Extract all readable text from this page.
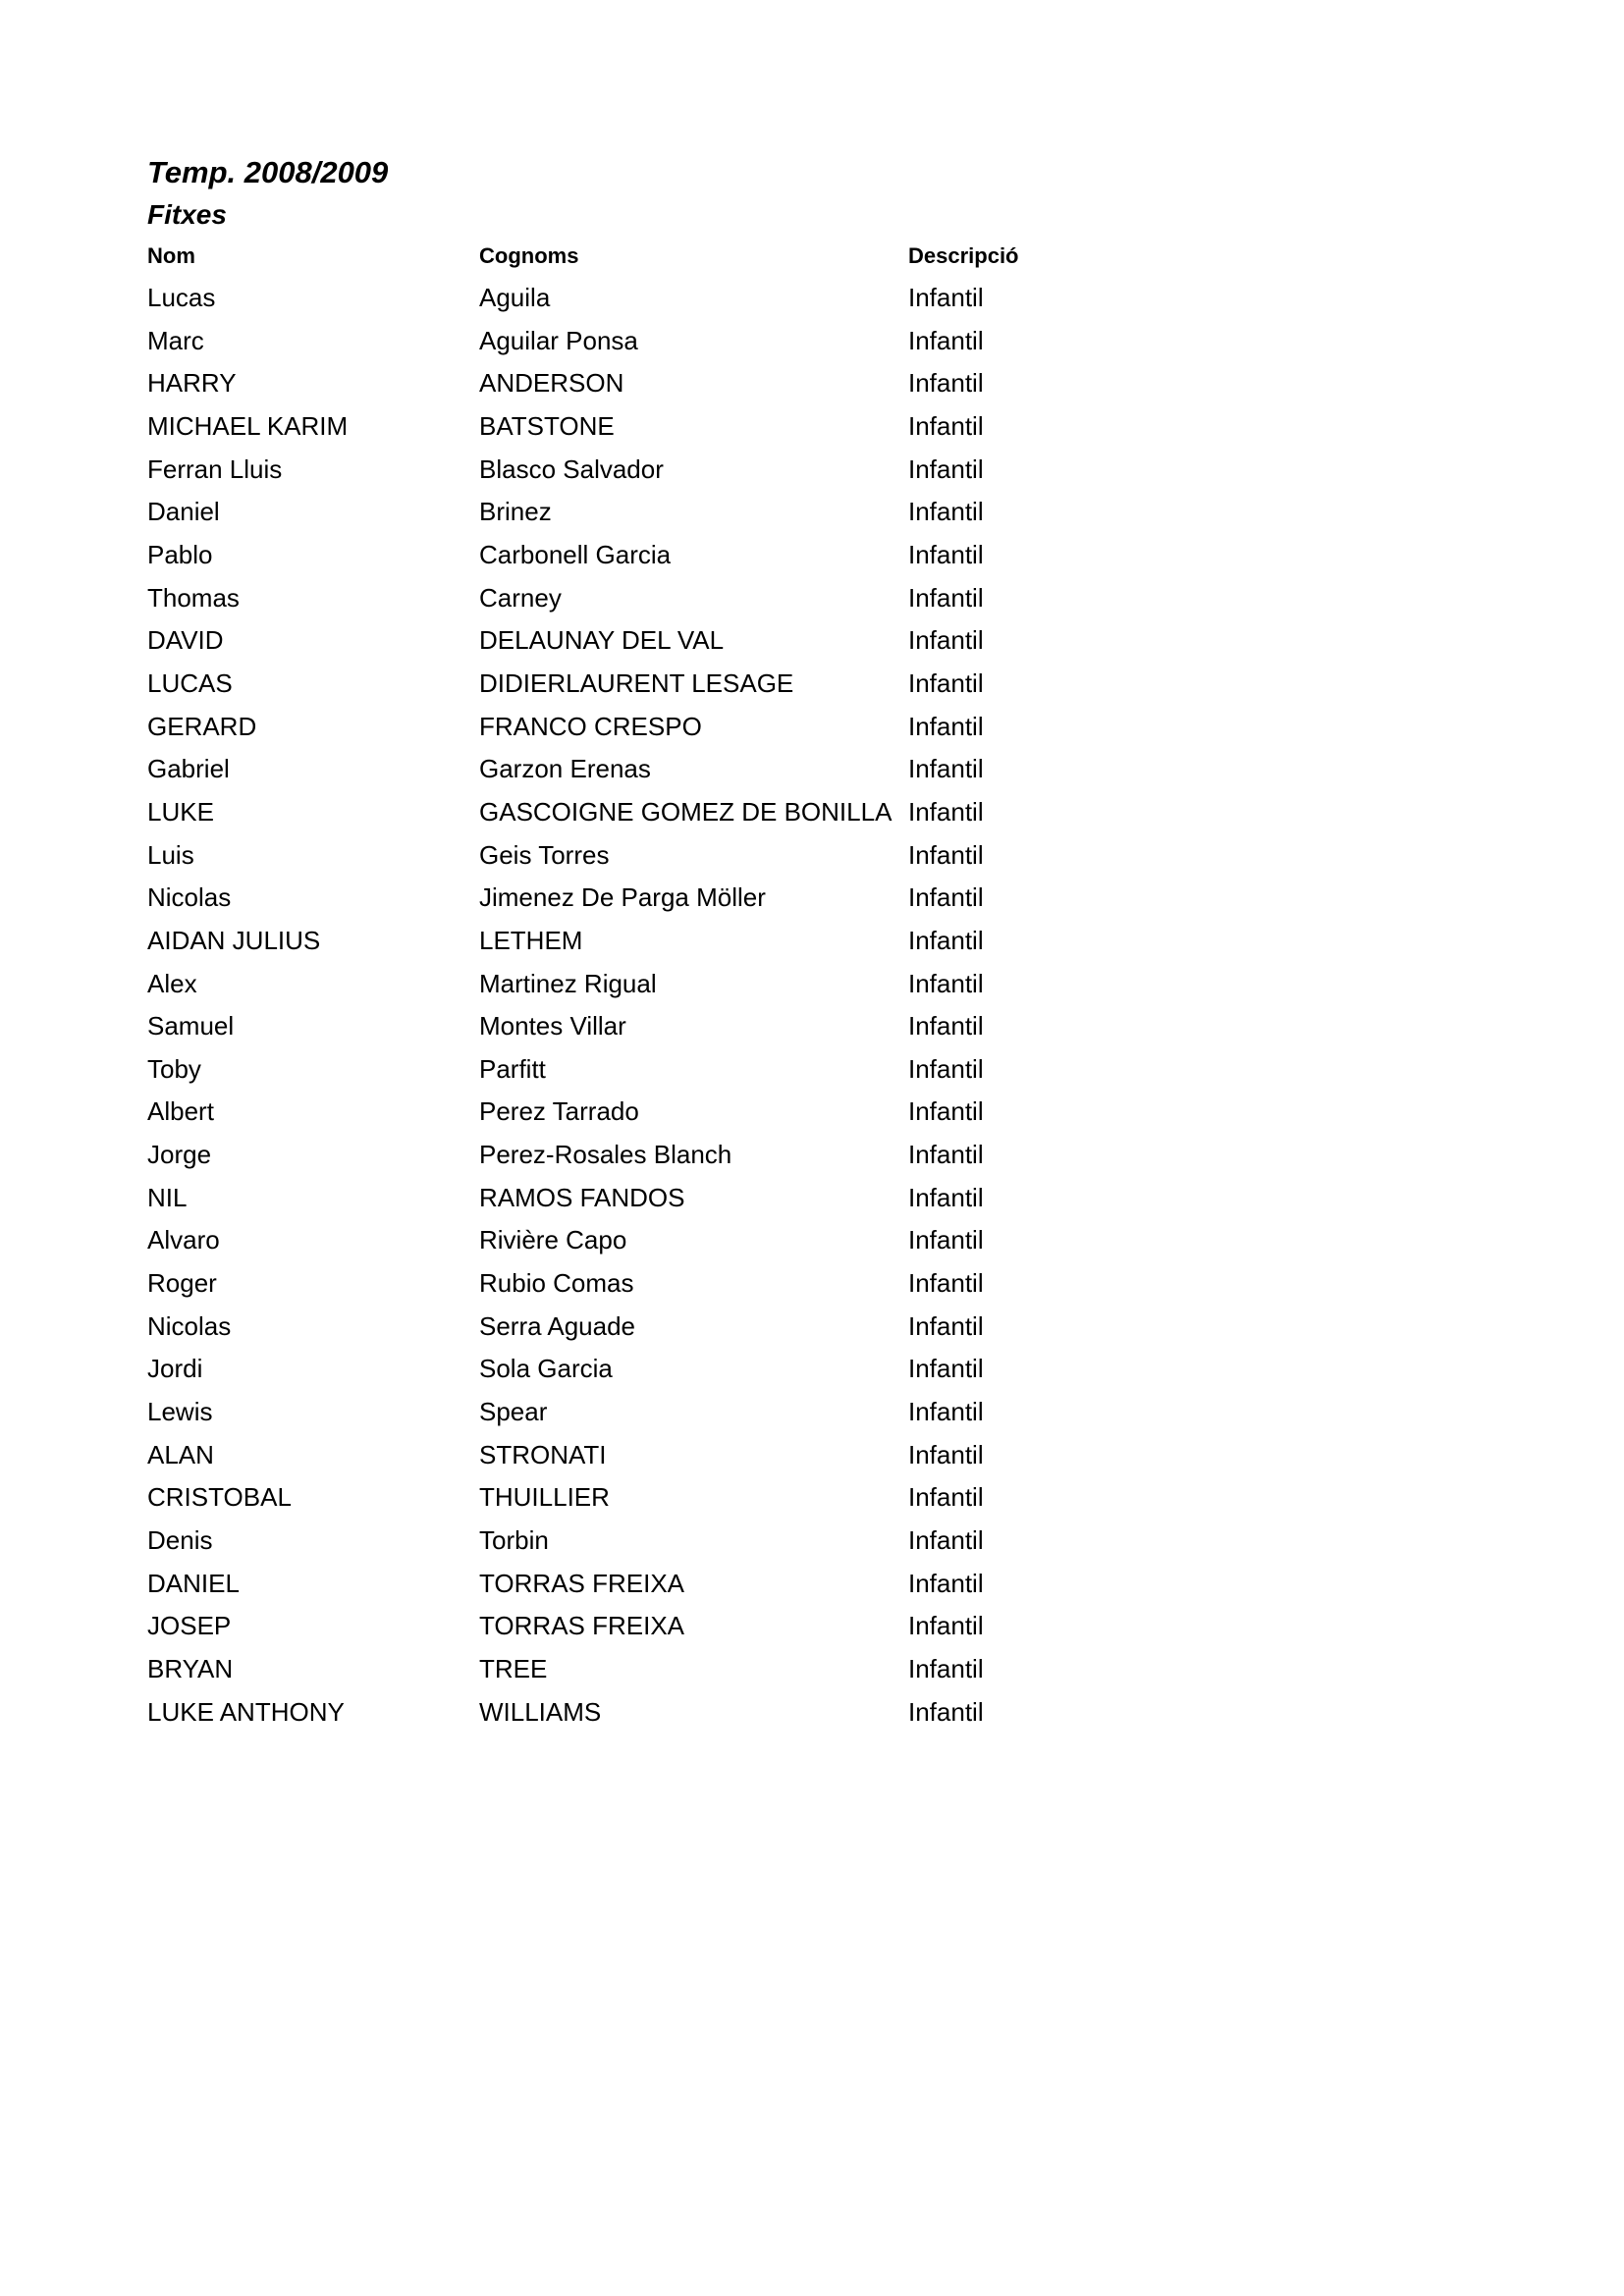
Temp. 2008/2009
Fitxes
Nom	Cognoms	Descripció
Lucas	Aguila	Infantil
Marc	Aguilar Ponsa	Infantil
HARRY	ANDERSON	Infantil
MICHAEL KARIM	BATSTONE	Infantil
Ferran Lluis	Blasco Salvador	Infantil
Daniel	Brinez	Infantil
Pablo	Carbonell Garcia	Infantil
Thomas	Carney	Infantil
DAVID	DELAUNAY DEL VAL	Infantil
LUCAS	DIDIERLAURENT LESAGE	Infantil
GERARD	FRANCO CRESPO	Infantil
Gabriel	Garzon Erenas	Infantil
LUKE	GASCOIGNE GOMEZ DE BONILLA Infantil
Luis	Geis Torres	Infantil
Nicolas	Jimenez De Parga Möller	Infantil
AIDAN JULIUS	LETHEM	Infantil
Alex	Martinez Rigual	Infantil
Samuel	Montes Villar	Infantil
Toby	Parfitt	Infantil
Albert	Perez Tarrado	Infantil
Jorge	Perez-Rosales Blanch	Infantil
NIL	RAMOS FANDOS	Infantil
Alvaro	Rivière Capo	Infantil
Roger	Rubio Comas	Infantil
Nicolas	Serra Aguade	Infantil
Jordi	Sola Garcia	Infantil
Lewis	Spear	Infantil
ALAN	STRONATI	Infantil
CRISTOBAL	THUILLIER	Infantil
Denis	Torbin	Infantil
DANIEL	TORRAS FREIXA	Infantil
JOSEP	TORRAS FREIXA	Infantil
BRYAN	TREE	Infantil
LUKE ANTHONY	WILLIAMS	Infantil
